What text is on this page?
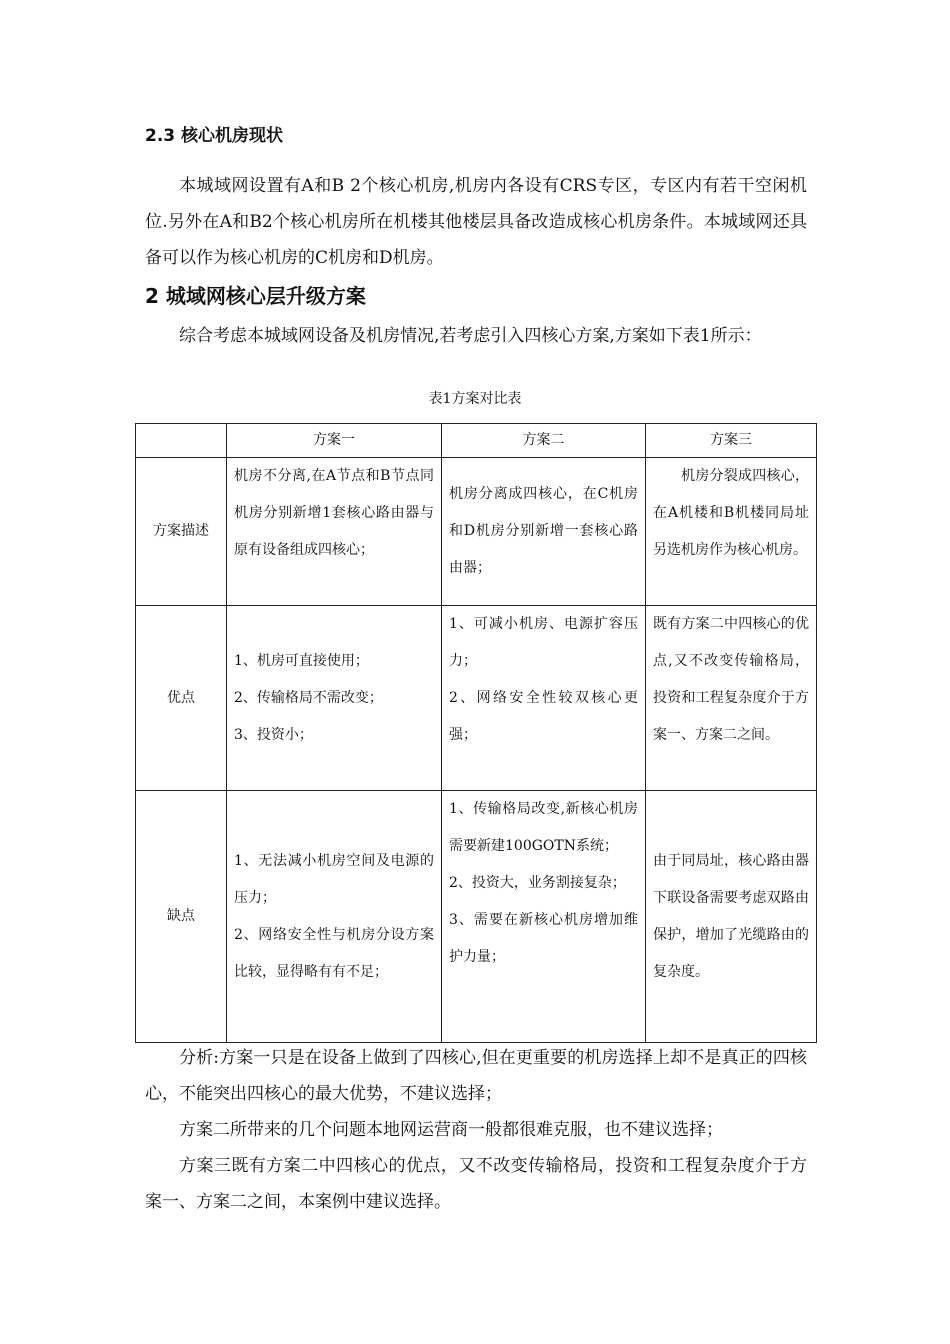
2.3 核心机房现状

本城域网设置有A和B 2个核心机房,机房内各设有CRS专区，专区内有若干空闲机位.另外在A和B2个核心机房所在机楼其他楼层具备改造成核心机房条件。本城域网还具备可以作为核心机房的C机房和D机房。

2 城域网核心层升级方案

综合考虑本城域网设备及机房情况,若考虑引入四核心方案,方案如下表1所示：

表1方案对比表
	方案一	方案二	方案三
方案描述	机房不分离,在A节点和B节点同机房分别新增1套核心路由器与原有设备组成四核心；	机房分离成四核心，在C机房和D机房分别新增一套核心路由器；	机房分裂成四核心，在A机楼和B机楼同局址另选机房作为核心机房。

优点	1、机房可直接使用；
2、传输格局不需改变；
3、投资小；	1、可减小机房、电源扩容压力；
2、网络安全性较双核心更强；	既有方案二中四核心的优点,又不改变传输格局，投资和工程复杂度介于方案一、方案二之间。
缺点	1、无法减小机房空间及电源的压力；
2、网络安全性与机房分设方案比较，显得略有有不足；	1、传输格局改变,新核心机房需要新建100GOTN系统；
2、投资大，业务割接复杂；
3、需要在新核心机房增加维护力量；	由于同局址，核心路由器下联设备需要考虑双路由保护，增加了光缆路由的复杂度。

分析:方案一只是在设备上做到了四核心,但在更重要的机房选择上却不是真正的四核心，不能突出四核心的最大优势，不建议选择；

方案二所带来的几个问题本地网运营商一般都很难克服，也不建议选择；

方案三既有方案二中四核心的优点，又不改变传输格局，投资和工程复杂度介于方案一、方案二之间，本案例中建议选择。
